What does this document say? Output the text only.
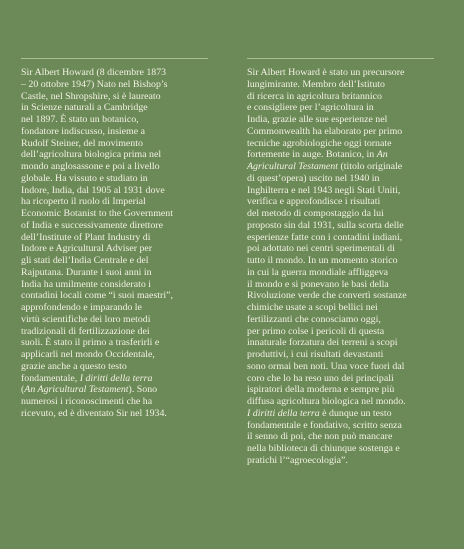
Sir Albert Howard (8 dicembre 1873
– 20 ottobre 1947) Nato nel Bishop’s
Castle, nel Shropshire, si è laureato
in Scienze naturali a Cambridge
nel 1897. È stato un botanico,
fondatore indiscusso, insieme a
Rudolf Steiner, del movimento
dell’agricoltura biologica prima nel
mondo anglosassone e poi a livello
globale. Ha vissuto e studiato in
Indore, India, dal 1905 al 1931 dove
ha ricoperto il ruolo di Imperial
Economic Botanist to the Government
of India e successivamente direttore
dell’Institute of Plant Industry di
Indore e Agricultural Adviser per
gli stati dell’India Centrale e del
Rajputana. Durante i suoi anni in
India ha umilmente considerato i
contadini locali come “i suoi maestri”,
approfondendo e imparando le
virtù scientifiche dei loro metodi
tradizionali di fertilizzazione dei
suoli. È stato il primo a trasferirli e
applicarli nel mondo Occidentale,
grazie anche a questo testo
fondamentale, I diritti della terra
(An Agricultural Testament). Sono
numerosi i riconoscimenti che ha
ricevuto, ed è diventato Sir nel 1934.
Sir Albert Howard è stato un precursore
lungimirante. Membro dell’Istituto
di ricerca in agricoltura britannico
e consigliere per l’agricoltura in
India, grazie alle sue esperienze nel
Commonwealth ha elaborato per primo
tecniche agrobiologiche oggi tornate
fortemente in auge. Botanico, in An
Agricultural Testament (titolo originale
di quest’opera) uscito nel 1940 in
Inghilterra e nel 1943 negli Stati Uniti,
verifica e approfondisce i risultati
del metodo di compostaggio da lui
proposto sin dal 1931, sulla scorta delle
esperienze fatte con i contadini indiani,
poi adottato nei centri sperimentali di
tutto il mondo. In un momento storico
in cui la guerra mondiale affliggeva
il mondo e si ponevano le basi della
Rivoluzione verde che convertì sostanze
chimiche usate a scopi bellici nei
fertilizzanti che conosciamo oggi,
per primo colse i pericoli di questa
innaturale forzatura dei terreni a scopi
produttivi, i cui risultati devastanti
sono ormai ben noti. Una voce fuori dal
coro che lo ha reso uno dei principali
ispiratori della moderna e sempre più
diffusa agricoltura biologica nel mondo.
I diritti della terra è dunque un testo
fondamentale e fondativo, scritto senza
il senno di poi, che non può mancare
nella biblioteca di chiunque sostenga e
pratichi l’“agroecologia”.
